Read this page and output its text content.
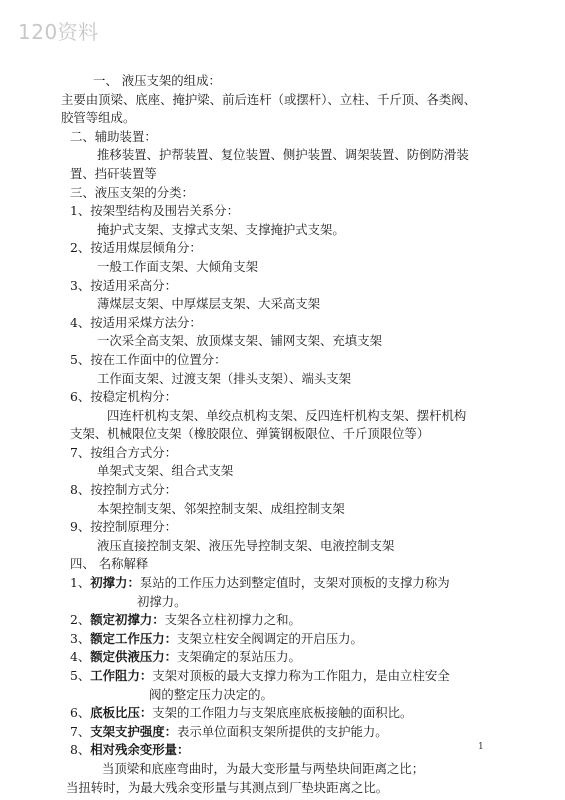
120资料
一、 液压支架的组成：
主要由顶梁、底座、掩护梁、前后连杆（或摆杆）、立柱、千斤顶、各类阀、
胶管等组成。
二、辅助装置：
推移装置、护帮装置、复位装置、侧护装置、调架装置、防倒防滑装
置、挡矸装置等
三、液压支架的分类：
1、按架型结构及围岩关系分：
掩护式支架、支撑式支架、支撑掩护式支架。
2、按适用煤层倾角分：
一般工作面支架、大倾角支架
3、按适用采高分：
薄煤层支架、中厚煤层支架、大采高支架
4、按适用采煤方法分：
一次采全高支架、放顶煤支架、铺网支架、充填支架
5、按在工作面中的位置分：
工作面支架、过渡支架（排头支架）、端头支架
6、按稳定机构分：
四连杆机构支架、单绞点机构支架、反四连杆机构支架、摆杆机构
支架、机械限位支架（橡胶限位、弹簧钢板限位、千斤顶限位等）
7、按组合方式分：
单架式支架、组合式支架
8、按控制方式分：
本架控制支架、邻架控制支架、成组控制支架
9、按控制原理分：
液压直接控制支架、液压先导控制支架、电液控制支架
四、 名称解释
1、初撑力：泵站的工作压力达到整定值时，支架对顶板的支撑力称为
初撑力。
2、额定初撑力：支架各立柱初撑力之和。
3、额定工作压力：支架立柱安全阀调定的开启压力。
4、额定供液压力：支架确定的泵站压力。
5、工作阻力：支架对顶板的最大支撑力称为工作阻力，是由立柱安全
阀的整定压力决定的。
6、底板比压：支架的工作阻力与支架底座底板接触的面积比。
7、支架支护强度：表示单位面积支架所提供的支护能力。
8、相对残余变形量：
当顶梁和底座弯曲时，为最大变形量与两垫块间距离之比；
当扭转时，为最大残余变形量与其测点到厂垫块距离之比。
1
